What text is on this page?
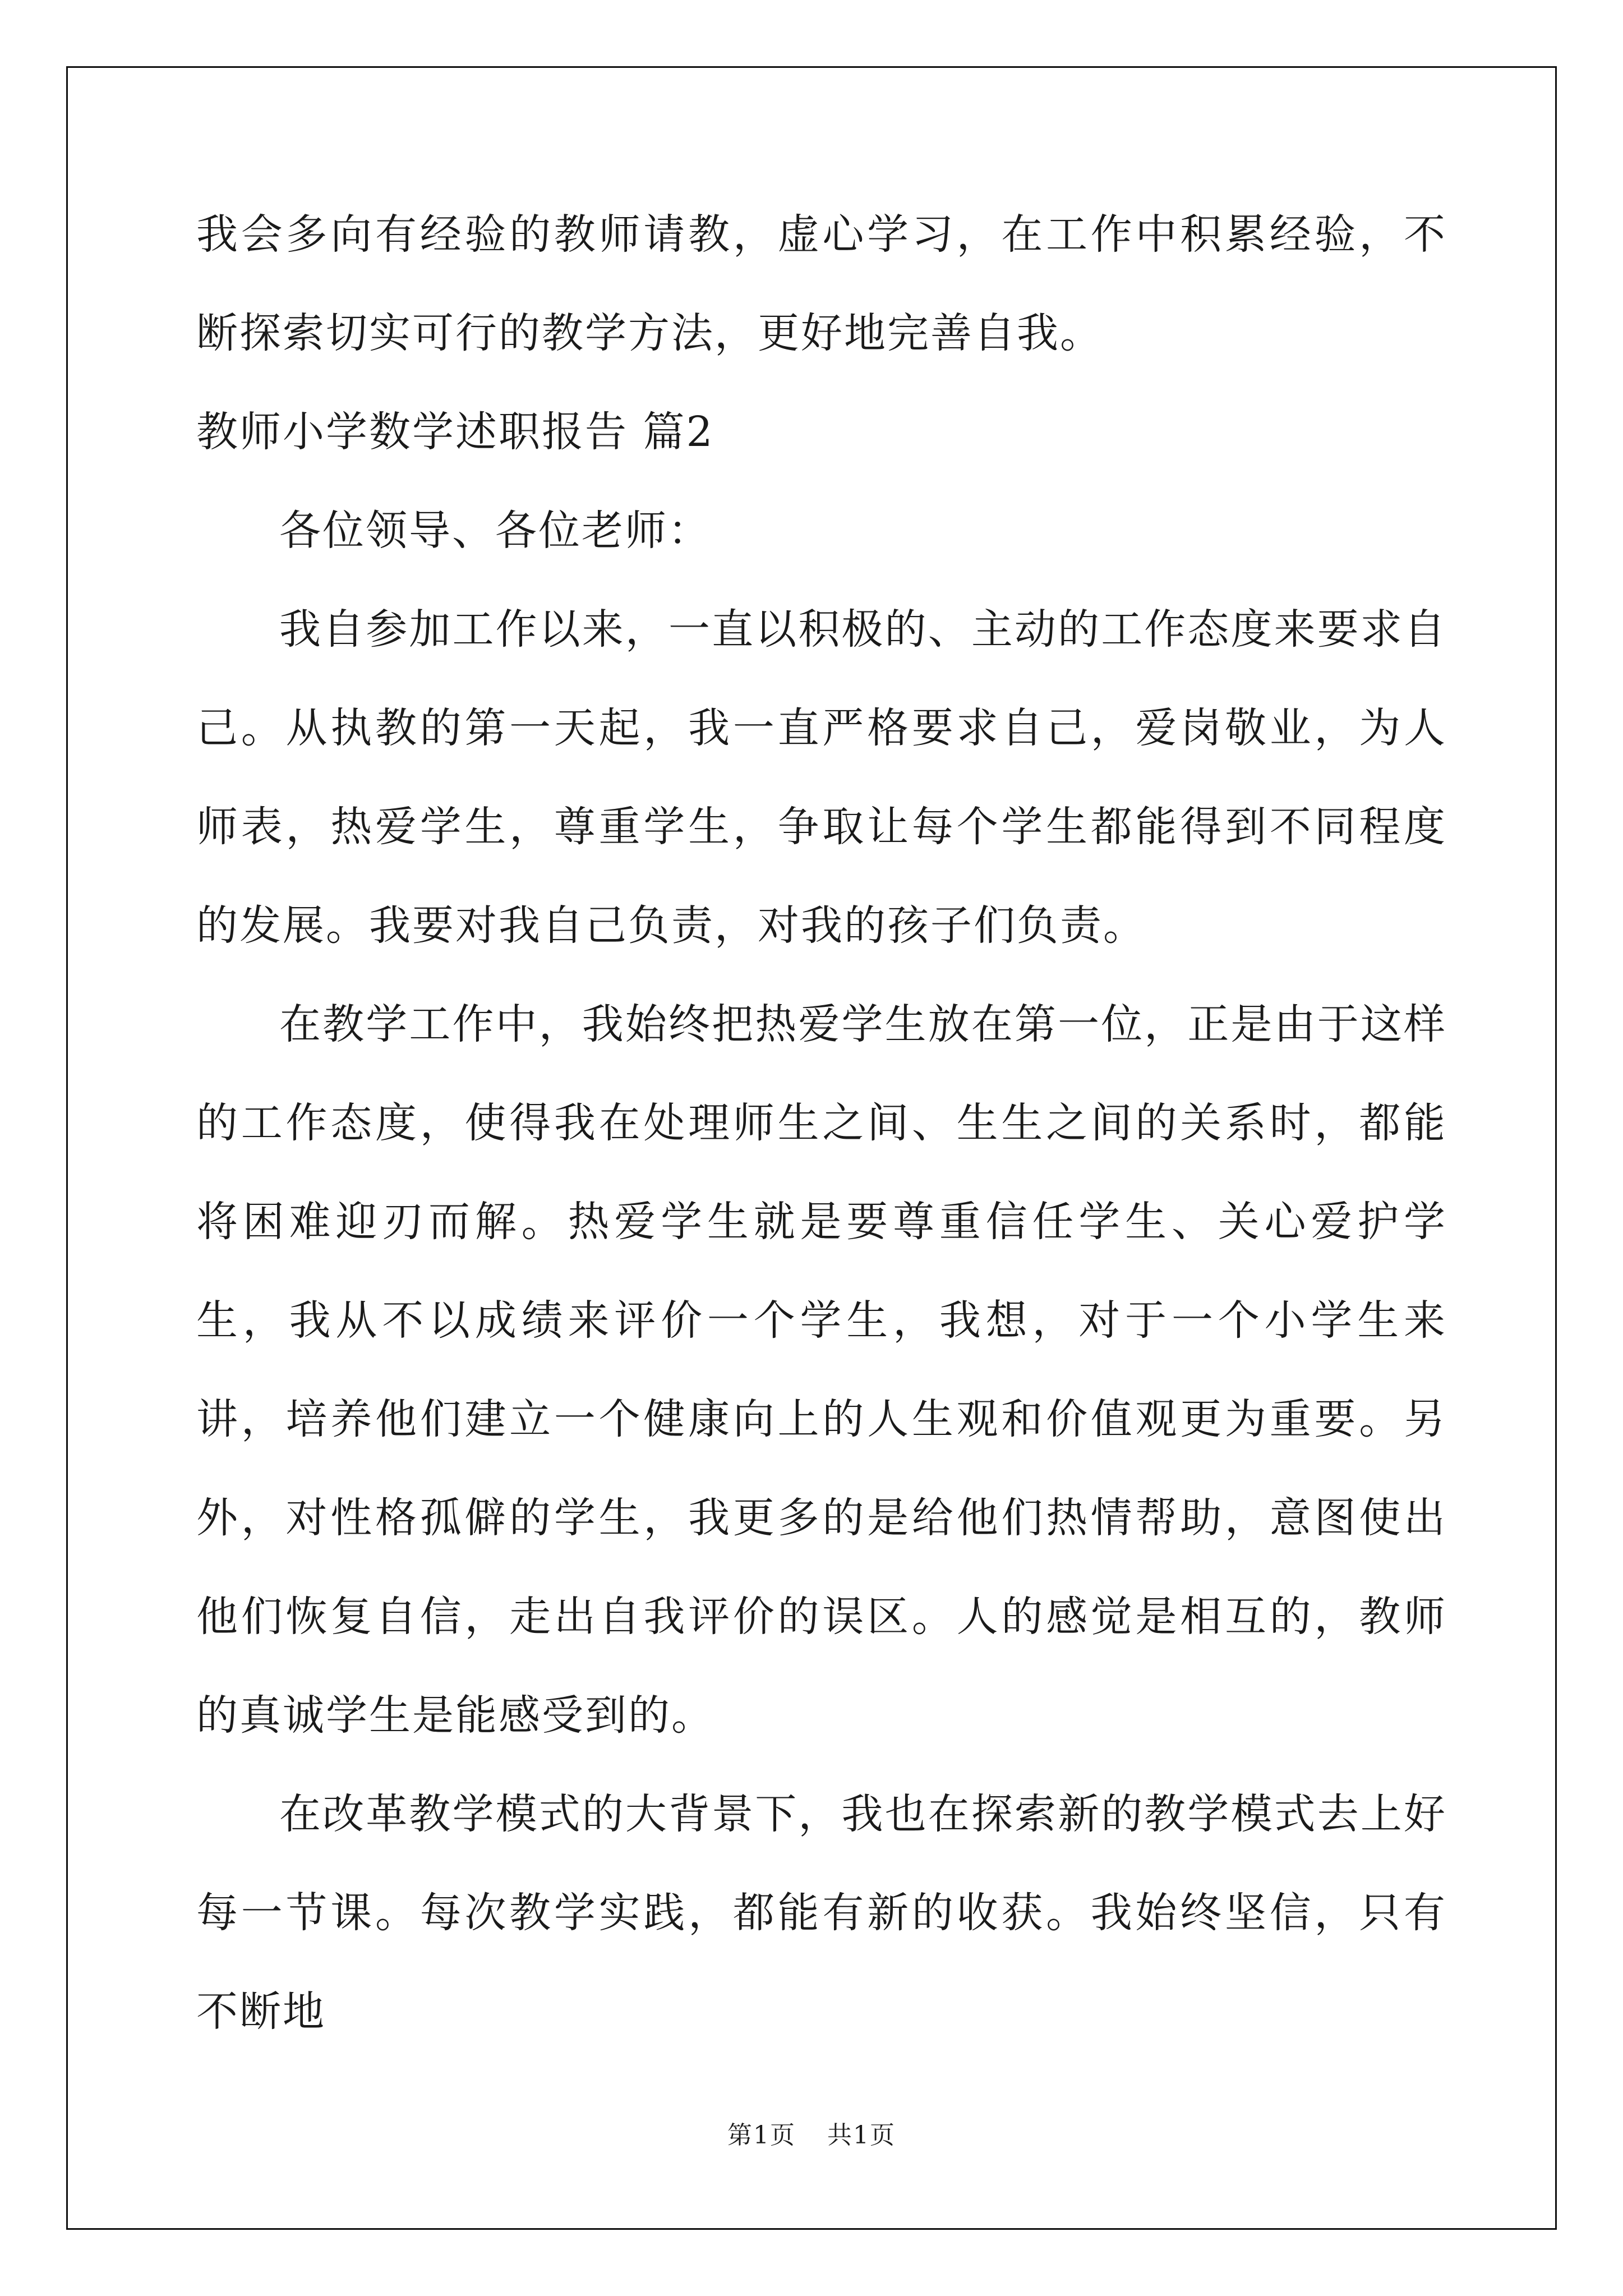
我会多向有经验的教师请教，虚心学习，在工作中积累经验，不断探索切实可行的教学方法，更好地完善自我。

教师小学数学述职报告 篇2

各位领导、各位老师：

我自参加工作以来，一直以积极的、主动的工作态度来要求自己。从执教的第一天起，我一直严格要求自己，爱岗敬业，为人师表，热爱学生，尊重学生，争取让每个学生都能得到不同程度的发展。我要对我自己负责，对我的孩子们负责。

在教学工作中，我始终把热爱学生放在第一位，正是由于这样的工作态度，使得我在处理师生之间、生生之间的关系时，都能将困难迎刃而解。热爱学生就是要尊重信任学生、关心爱护学生，我从不以成绩来评价一个学生，我想，对于一个小学生来讲，培养他们建立一个健康向上的人生观和价值观更为重要。另外，对性格孤僻的学生，我更多的是给他们热情帮助，意图使出他们恢复自信，走出自我评价的误区。人的感觉是相互的，教师的真诚学生是能感受到的。

在改革教学模式的大背景下，我也在探索新的教学模式去上好每一节课。每次教学实践，都能有新的收获。我始终坚信，只有不断地

第1页 共1页
